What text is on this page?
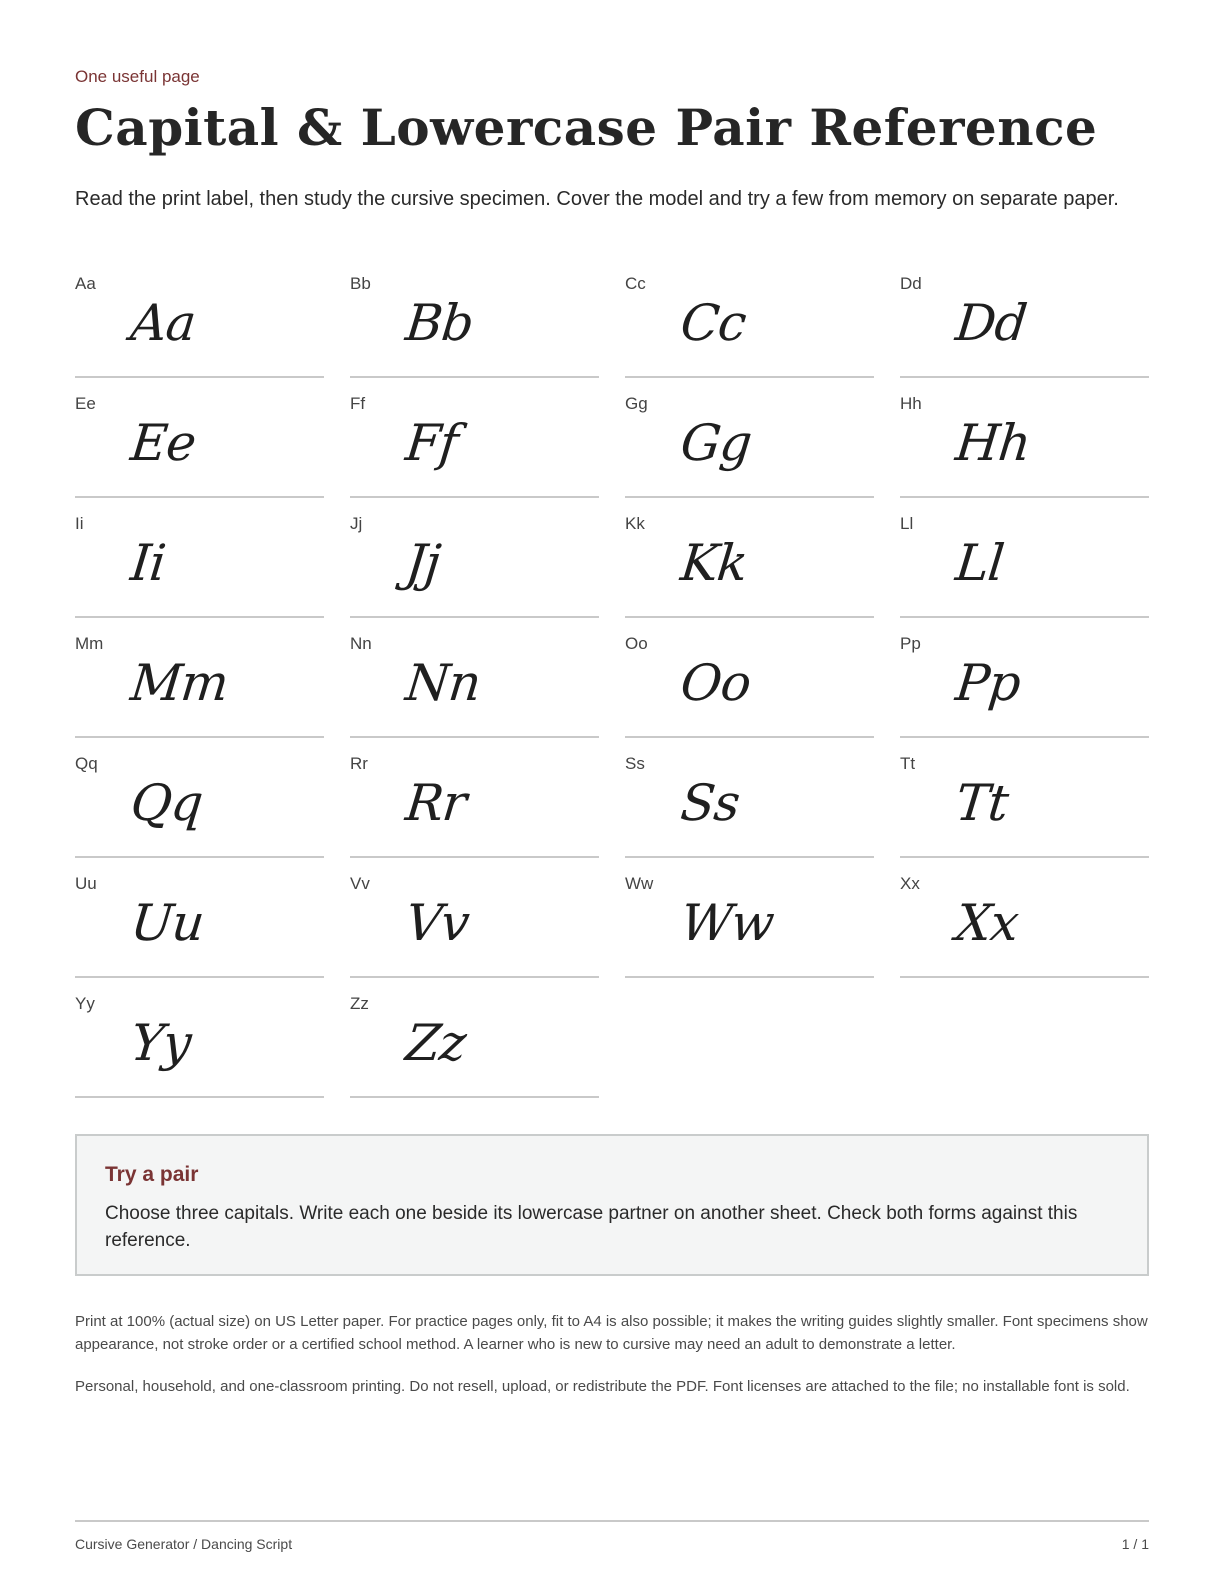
One useful page
Capital & Lowercase Pair Reference

Read the print label, then study the cursive specimen. Cover the model and try a few from memory on separate paper.

Aa
Aa
Bb
Bb
Cc
Cc
Dd
Dd
Ee
Ee
Ff
Ff
Gg
Gg
Hh
Hh
Ii
Ii
Jj
Jj
Kk
Kk
Ll
Ll
Mm
Mm
Nn
Nn
Oo
Oo
Pp
Pp
Qq
Qq
Rr
Rr
Ss
Ss
Tt
Tt
Uu
Uu
Vv
Vv
Ww
Ww
Xx
Xx
Yy
Yy
Zz
Zz
Try a pair
Choose three capitals. Write each one beside its lowercase partner on another sheet. Check both forms against this reference.

Print at 100% (actual size) on US Letter paper. For practice pages only, fit to A4 is also possible; it makes the writing guides slightly smaller. Font specimens show appearance, not stroke order or a certified school method. A learner who is new to cursive may need an adult to demonstrate a letter.

Personal, household, and one-classroom printing. Do not resell, upload, or redistribute the PDF. Font licenses are attached to the file; no installable font is sold.

Cursive Generator / Dancing Script	1 / 1
